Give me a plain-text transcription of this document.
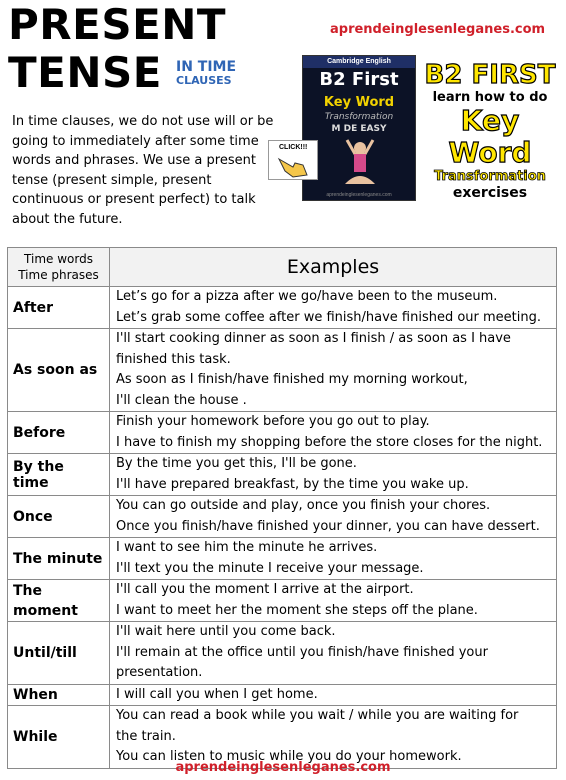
PRESENT
TENSE IN TIME
CLAUSES
aprendeinglesenleganes.com
In time clauses, we do not use will or be going to immediately after some time words and phrases. We use a present tense (present simple, present continuous or present perfect) to talk about the future.
Cambridge English
B2 First
Key Word
Transformation
M DE EASY
aprendeinglesenleganes.com
CLICK!!!
B2 FIRST
learn how to do
Key Word
Transformation
exercises
Time words
Time phrases	Examples
After	Let’s go for a pizza after we go/have been to the museum.
Let’s grab some coffee after we finish/have finished our meeting.

As soon as	I'll start cooking dinner as soon as I finish / as soon as I have
finished this task.
As soon as I finish/have finished my morning workout,
I'll clean the house .

Before	Finish your homework before you go out to play.
I have to finish my shopping before the store closes for the night.

By the time	By the time you get this, I'll be gone.
I'll have prepared breakfast, by the time you wake up.

Once	You can go outside and play, once you finish your chores.
Once you finish/have finished your dinner, you can have dessert.

The minute	I want to see him the minute he arrives.
I'll text you the minute I receive your message.

The moment	I'll call you the moment I arrive at the airport.
I want to meet her the moment she steps off the plane.

Until/till	I'll wait here until you come back.
I'll remain at the office until you finish/have finished your
presentation.

When	I will call you when I get home.

While	You can read a book while you wait / while you are waiting for
the train.
You can listen to music while you do your homework.
aprendeinglesenleganes.com
